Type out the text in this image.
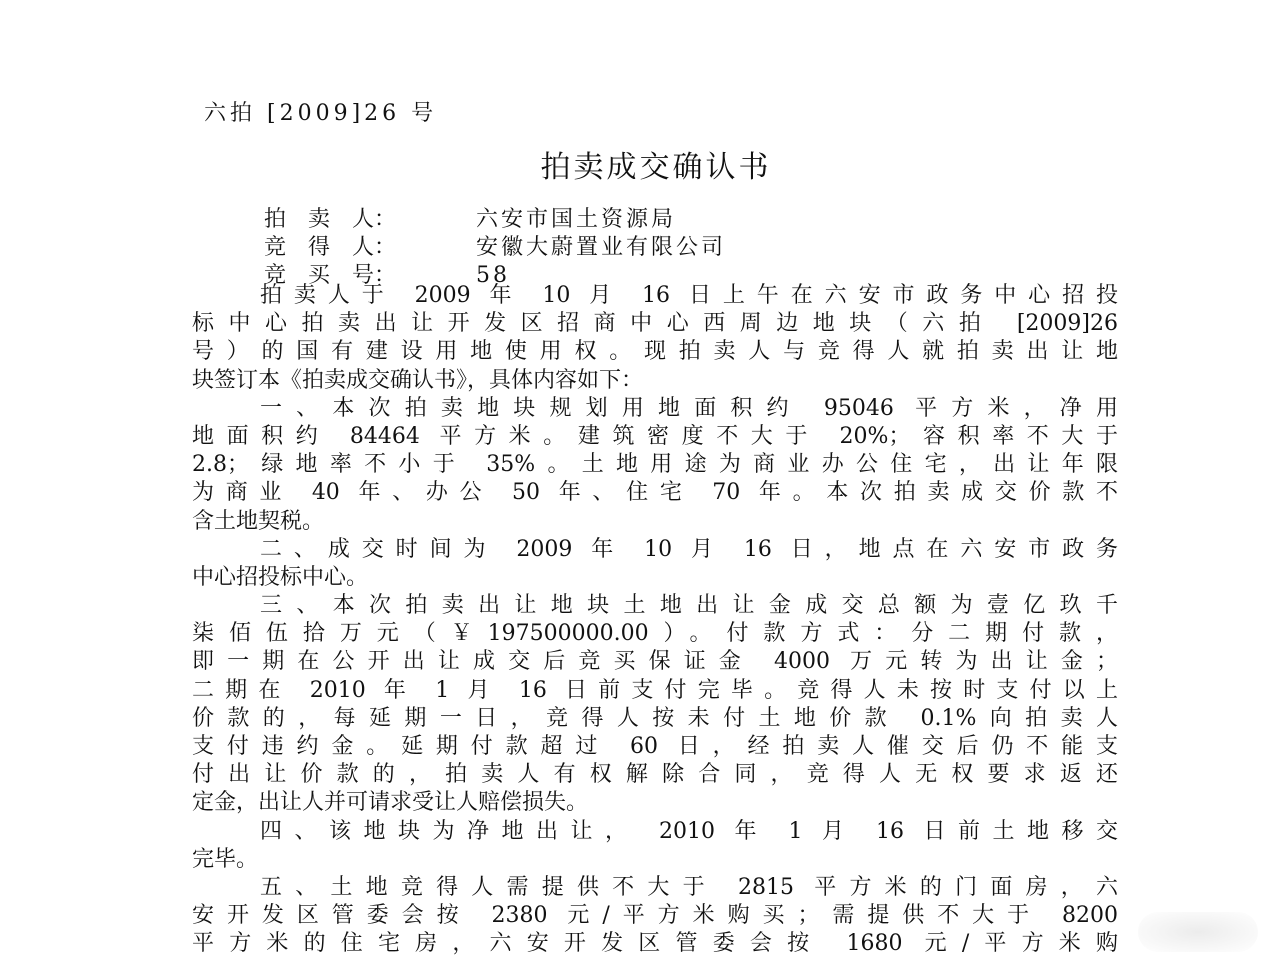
六拍 [2009]26 号
拍卖成交确认书
拍　卖　人：	六安市国土资源局
竞　得　人：	安徽大蔚置业有限公司
竞　买　号：	58
拍卖人于 2009 年 10 月 16 日上午在六安市政务中心招投
标中心拍卖出让开发区招商中心西周边地块（六拍 [2009]26
号）的国有建设用地使用权。现拍卖人与竞得人就拍卖出让地
块签订本《拍卖成交确认书》，具体内容如下：
一、本次拍卖地块规划用地面积约 95046 平方米，净用
地面积约 84464 平方米。建筑密度不大于 20%；容积率不大于
2.8；绿地率不小于 35%。土地用途为商业办公住宅，出让年限
为商业 40 年、办公 50 年、住宅 70 年。本次拍卖成交价款不
含土地契税。
二、成交时间为 2009 年 10 月 16 日，地点在六安市政务
中心招投标中心。
三、本次拍卖出让地块土地出让金成交总额为壹亿玖千
柒佰伍拾万元（￥197500000.00）。付款方式：分二期付款，
即一期在公开出让成交后竞买保证金 4000 万元转为出让金；
二期在 2010 年 1 月 16 日前支付完毕。竞得人未按时支付以上
价款的，每延期一日，竞得人按未付土地价款 0.1%向拍卖人
支付违约金。延期付款超过 60 日，经拍卖人催交后仍不能支
付出让价款的，拍卖人有权解除合同，竞得人无权要求返还
定金，出让人并可请求受让人赔偿损失。
四、该地块为净地出让， 2010 年 1 月 16 日前土地移交
完毕。
五、土地竞得人需提供不大于 2815 平方米的门面房，六
安开发区管委会按 2380 元/平方米购买；需提供不大于 8200
平方米的住宅房，六安开发区管委会按 1680 元/平方米购
